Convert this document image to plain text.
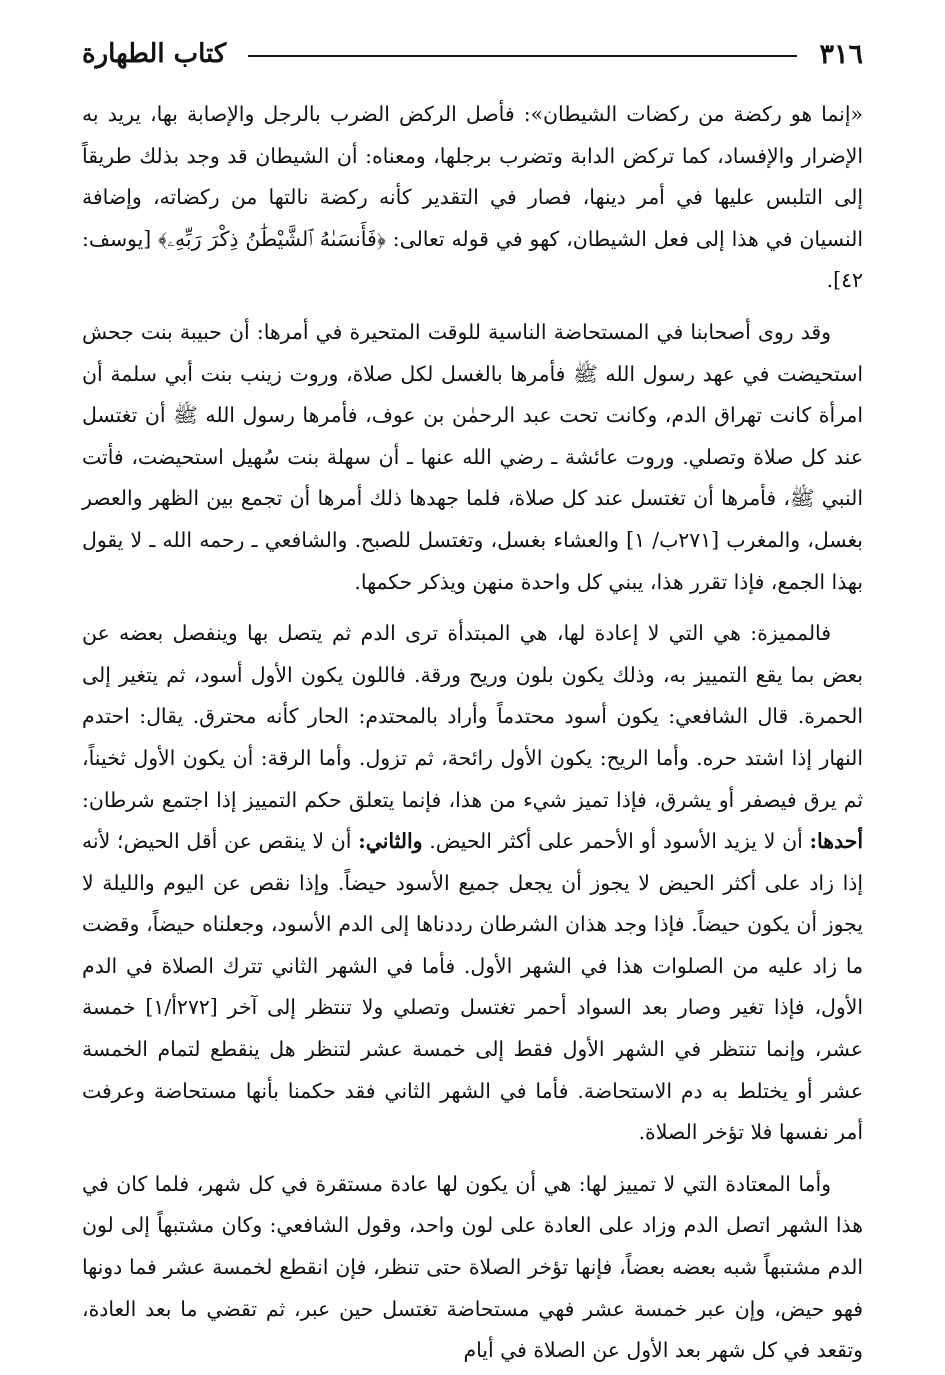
٣١٦
كتاب الطهارة

«إنما هو ركضة من ركضات الشيطان»: فأصل الركض الضرب بالرجل والإصابة بها، يريد به الإضرار والإفساد، كما تركض الدابة وتضرب برجلها، ومعناه: أن الشيطان قد وجد بذلك طريقاً إلى التلبس عليها في أمر دينها، فصار في التقدير كأنه ركضة نالتها من ركضاته، وإضافة النسيان في هذا إلى فعل الشيطان، كهو في قوله تعالى: ﴿فَأَنسَىٰهُ ٱلشَّيْطَٰنُ ذِكْرَ رَبِّهِۦ﴾ [يوسف: ٤٢].

وقد روى أصحابنا في المستحاضة الناسية للوقت المتحيرة في أمرها: أن حبيبة بنت جحش استحيضت في عهد رسول الله ﷺ فأمرها بالغسل لكل صلاة، وروت زينب بنت أبي سلمة أن امرأة كانت تهراق الدم، وكانت تحت عبد الرحمٰن بن عوف، فأمرها رسول الله ﷺ أن تغتسل عند كل صلاة وتصلي. وروت عائشة ـ رضي الله عنها ـ أن سهلة بنت سُهيل استحيضت، فأتت النبي ﷺ، فأمرها أن تغتسل عند كل صلاة، فلما جهدها ذلك أمرها أن تجمع بين الظهر والعصر بغسل، والمغرب [٢٧١ب/ ١] والعشاء بغسل، وتغتسل للصبح. والشافعي ـ رحمه الله ـ لا يقول بهذا الجمع، فإذا تقرر هذا، يبني كل واحدة منهن ويذكر حكمها.

فالمميزة: هي التي لا إعادة لها، هي المبتدأة ترى الدم ثم يتصل بها وينفصل بعضه عن بعض بما يقع التمييز به، وذلك يكون بلون وريح ورقة. فاللون يكون الأول أسود، ثم يتغير إلى الحمرة. قال الشافعي: يكون أسود محتدماً وأراد بالمحتدم: الحار كأنه محترق. يقال: احتدم النهار إذا اشتد حره. وأما الريح: يكون الأول رائحة، ثم تزول. وأما الرقة: أن يكون الأول ثخيناً، ثم يرق فيصفر أو يشرق، فإذا تميز شيء من هذا، فإنما يتعلق حكم التمييز إذا اجتمع شرطان: أحدها: أن لا يزيد الأسود أو الأحمر على أكثر الحيض. والثاني: أن لا ينقص عن أقل الحيض؛ لأنه إذا زاد على أكثر الحيض لا يجوز أن يجعل جميع الأسود حيضاً. وإذا نقص عن اليوم والليلة لا يجوز أن يكون حيضاً. فإذا وجد هذان الشرطان رددناها إلى الدم الأسود، وجعلناه حيضاً، وقضت ما زاد عليه من الصلوات هذا في الشهر الأول. فأما في الشهر الثاني تترك الصلاة في الدم الأول، فإذا تغير وصار بعد السواد أحمر تغتسل وتصلي ولا تنتظر إلى آخر [٢٧٢أ/١] خمسة عشر، وإنما تنتظر في الشهر الأول فقط إلى خمسة عشر لتنظر هل ينقطع لتمام الخمسة عشر أو يختلط به دم الاستحاضة. فأما في الشهر الثاني فقد حكمنا بأنها مستحاضة وعرفت أمر نفسها فلا تؤخر الصلاة.

وأما المعتادة التي لا تمييز لها: هي أن يكون لها عادة مستقرة في كل شهر، فلما كان في هذا الشهر اتصل الدم وزاد على العادة على لون واحد، وقول الشافعي: وكان مشتبهاً إلى لون الدم مشتبهاً شبه بعضه بعضاً، فإنها تؤخر الصلاة حتى تنظر، فإن انقطع لخمسة عشر فما دونها فهو حيض، وإن عبر خمسة عشر فهي مستحاضة تغتسل حين عبر، ثم تقضي ما بعد العادة، وتقعد في كل شهر بعد الأول عن الصلاة في أيام
